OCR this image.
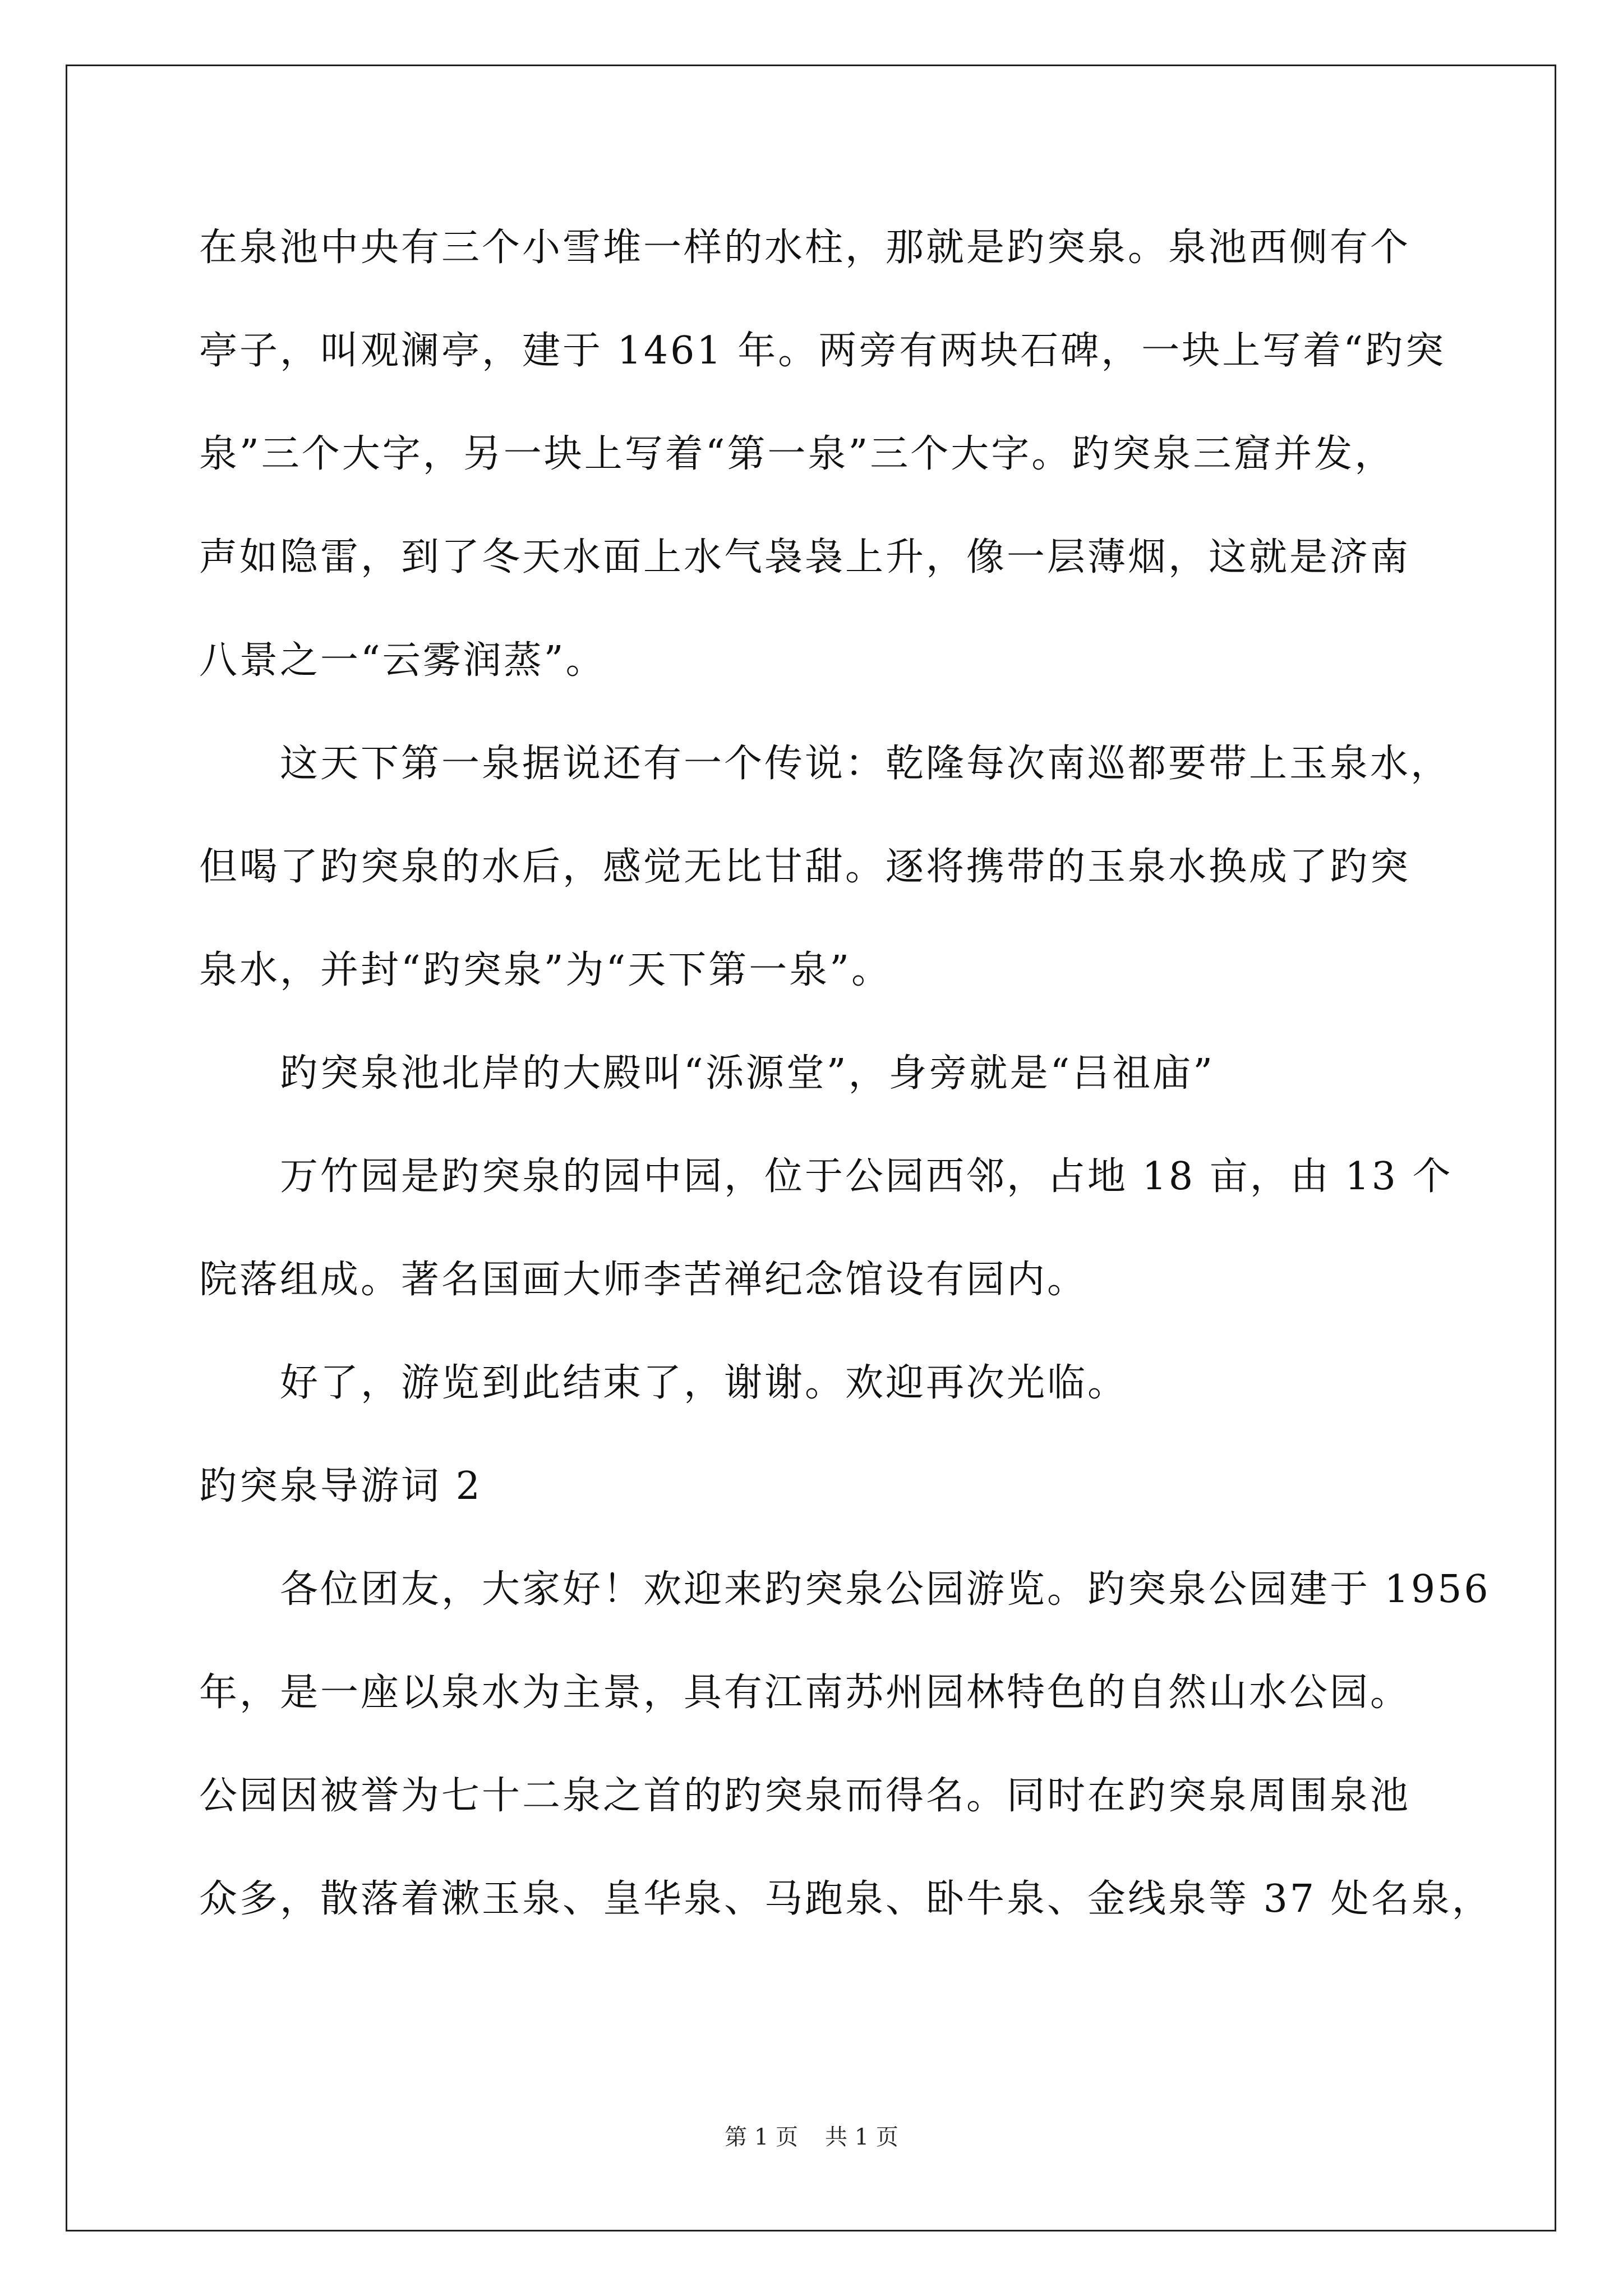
在泉池中央有三个小雪堆一样的水柱，那就是趵突泉。泉池西侧有个
亭子，叫观澜亭，建于 1461 年。两旁有两块石碑，一块上写着“趵突
泉”三个大字，另一块上写着“第一泉”三个大字。趵突泉三窟并发，
声如隐雷，到了冬天水面上水气袅袅上升，像一层薄烟，这就是济南
八景之一“云雾润蒸”。
这天下第一泉据说还有一个传说：乾隆每次南巡都要带上玉泉水，
但喝了趵突泉的水后，感觉无比甘甜。逐将携带的玉泉水换成了趵突
泉水，并封“趵突泉”为“天下第一泉”。
趵突泉池北岸的大殿叫“泺源堂”，身旁就是“吕祖庙”
万竹园是趵突泉的园中园，位于公园西邻，占地 18 亩，由 13 个
院落组成。著名国画大师李苦禅纪念馆设有园内。
好了，游览到此结束了，谢谢。欢迎再次光临。
趵突泉导游词 2
各位团友，大家好！欢迎来趵突泉公园游览。趵突泉公园建于 1956
年，是一座以泉水为主景，具有江南苏州园林特色的自然山水公园。
公园因被誉为七十二泉之首的趵突泉而得名。同时在趵突泉周围泉池
众多，散落着漱玉泉、皇华泉、马跑泉、卧牛泉、金线泉等 37 处名泉，
第 1 页 共 1 页
